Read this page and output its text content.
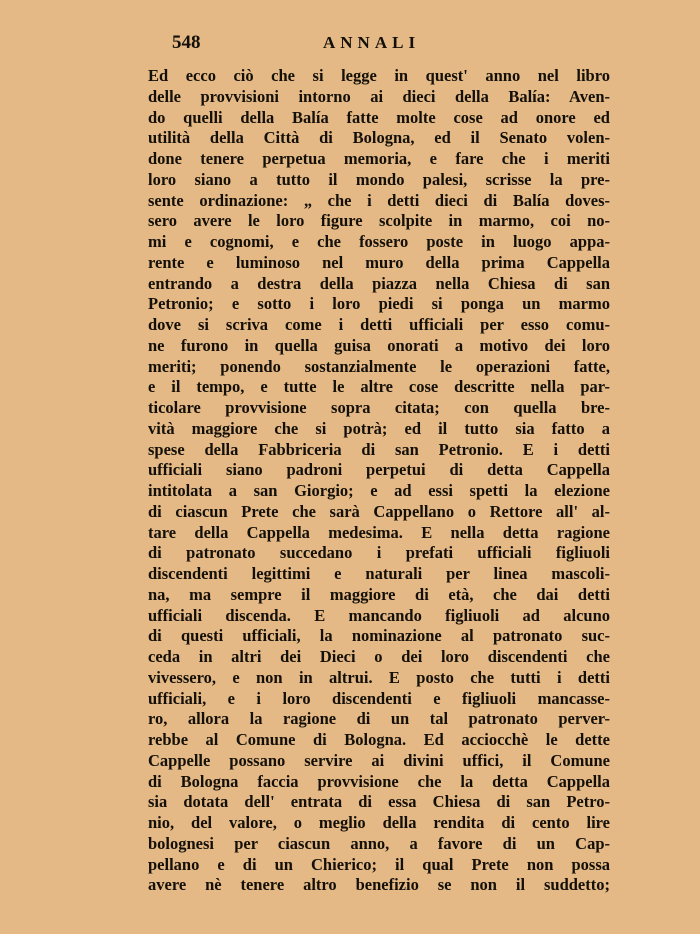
548	ANNALI
Ed ecco ciò che si legge in quest' anno nel libro
delle provvisioni intorno ai dieci della Balía: Aven-
do quelli della Balía fatte molte cose ad onore ed
utilità della Città di Bologna, ed il Senato volen-
done tenere perpetua memoria, e fare che i meriti
loro siano a tutto il mondo palesi, scrisse la pre-
sente ordinazione: „ che i detti dieci di Balía doves-
sero avere le loro figure scolpite in marmo, coi no-
mi e cognomi, e che fossero poste in luogo appa-
rente e luminoso nel muro della prima Cappella
entrando a destra della piazza nella Chiesa di san
Petronio; e sotto i loro piedi si ponga un marmo
dove si scriva come i detti ufficiali per esso comu-
ne furono in quella guisa onorati a motivo dei loro
meriti; ponendo sostanzialmente le operazioni fatte,
e il tempo, e tutte le altre cose descritte nella par-
ticolare provvisione sopra citata; con quella bre-
vità maggiore che si potrà; ed il tutto sia fatto a
spese della Fabbriceria di san Petronio. E i detti
ufficiali siano padroni perpetui di detta Cappella
intitolata a san Giorgio; e ad essi spetti la elezione
di ciascun Prete che sarà Cappellano o Rettore all' al-
tare della Cappella medesima. E nella detta ragione
di patronato succedano i prefati ufficiali figliuoli
discendenti legittimi e naturali per linea mascoli-
na, ma sempre il maggiore di età, che dai detti
ufficiali discenda. E mancando figliuoli ad alcuno
di questi ufficiali, la nominazione al patronato suc-
ceda in altri dei Dieci o dei loro discendenti che
vivessero, e non in altrui. E posto che tutti i detti
ufficiali, e i loro discendenti e figliuoli mancasse-
ro, allora la ragione di un tal patronato perver-
rebbe al Comune di Bologna. Ed acciocchè le dette
Cappelle possano servire ai divini uffici, il Comune
di Bologna faccia provvisione che la detta Cappella
sia dotata dell' entrata di essa Chiesa di san Petro-
nio, del valore, o meglio della rendita di cento lire
bolognesi per ciascun anno, a favore di un Cap-
pellano e di un Chierico; il qual Prete non possa
avere nè tenere altro benefizio se non il suddetto;
